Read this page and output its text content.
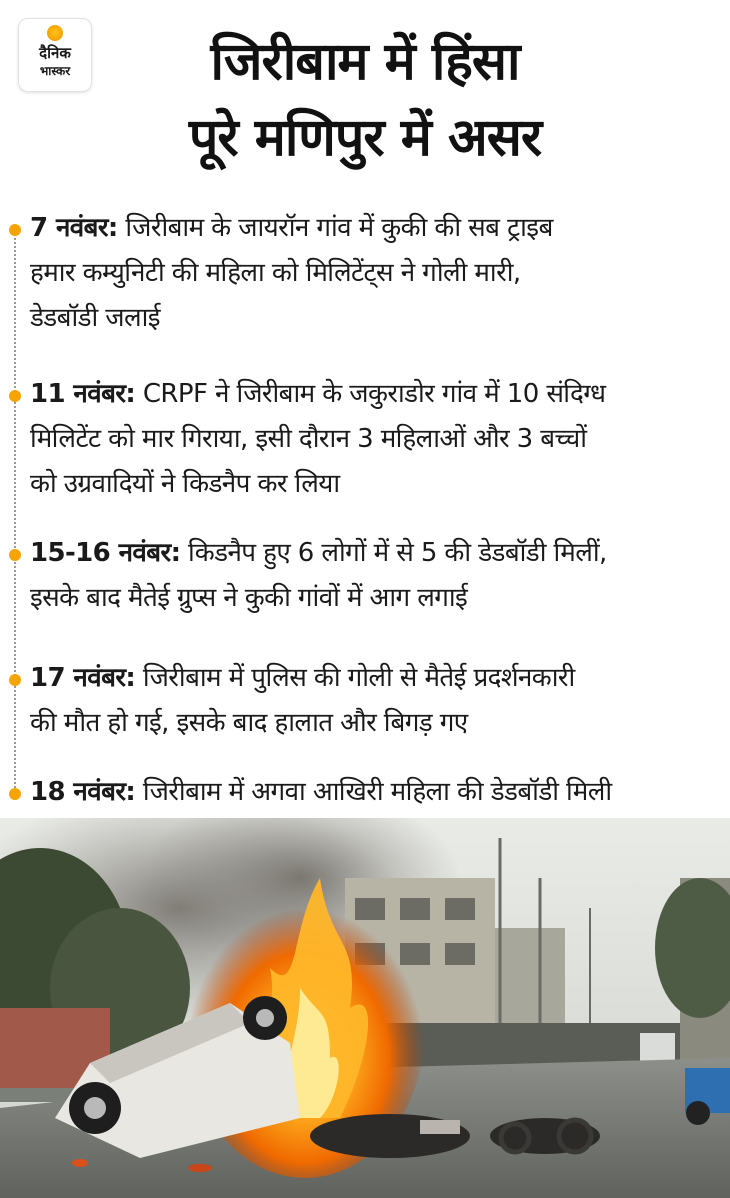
दैनिक
भास्कर	जिरीबाम में हिंसा
पूरे मणिपुर में असर
7 नवंबर: जिरीबाम के जायरॉन गांव में कुकी की सब ट्राइब
हमार कम्युनिटी की महिला को मिलिटेंट्स ने गोली मारी,
डेडबॉडी जलाई
11 नवंबर: CRPF ने जिरीबाम के जकुराडोर गांव में 10 संदिग्ध
मिलिटेंट को मार गिराया, इसी दौरान 3 महिलाओं और 3 बच्चों
को उग्रवादियों ने किडनैप कर लिया
15-16 नवंबर: किडनैप हुए 6 लोगों में से 5 की डेडबॉडी मिलीं,
इसके बाद मैतेई ग्रुप्स ने कुकी गांवों में आग लगाई
17 नवंबर: जिरीबाम में पुलिस की गोली से मैतेई प्रदर्शनकारी
की मौत हो गई, इसके बाद हालात और बिगड़ गए
18 नवंबर: जिरीबाम में अगवा आखिरी महिला की डेडबॉडी मिली
